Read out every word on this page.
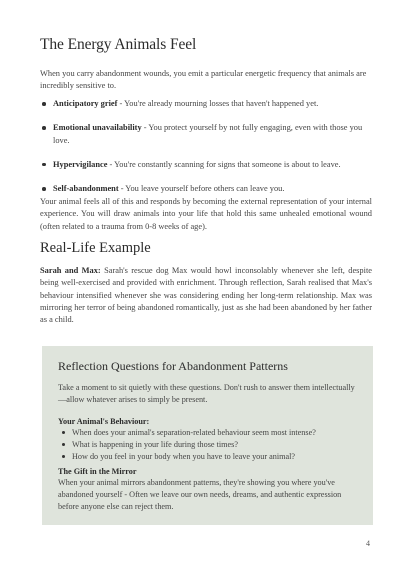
The Energy Animals Feel

When you carry abandonment wounds, you emit a particular energetic frequency that animals are incredibly sensitive to.

Anticipatory grief - You're already mourning losses that haven't happened yet.
Emotional unavailability - You protect yourself by not fully engaging, even with those you love.
Hypervigilance - You're constantly scanning for signs that someone is about to leave.
Self-abandonment - You leave yourself before others can leave you.

Your animal feels all of this and responds by becoming the external representation of your internal experience. You will draw animals into your life that hold this same unhealed emotional wound (often related to a trauma from 0-8 weeks of age).

Real-Life Example

Sarah and Max: Sarah's rescue dog Max would howl inconsolably whenever she left, despite being well-exercised and provided with enrichment. Through reflection, Sarah realised that Max's behaviour intensified whenever she was considering ending her long-term relationship. Max was mirroring her terror of being abandoned romantically, just as she had been abandoned by her father as a child.

Reflection Questions for Abandonment Patterns

Take a moment to sit quietly with these questions. Don't rush to answer them intellectually—allow whatever arises to simply be present.

Your Animal's Behaviour:

When does your animal's separation-related behaviour seem most intense?
What is happening in your life during those times?
How do you feel in your body when you have to leave your animal?

The Gift in the Mirror

When your animal mirrors abandonment patterns, they're showing you where you've abandoned yourself - Often we leave our own needs, dreams, and authentic expression before anyone else can reject them.

4
